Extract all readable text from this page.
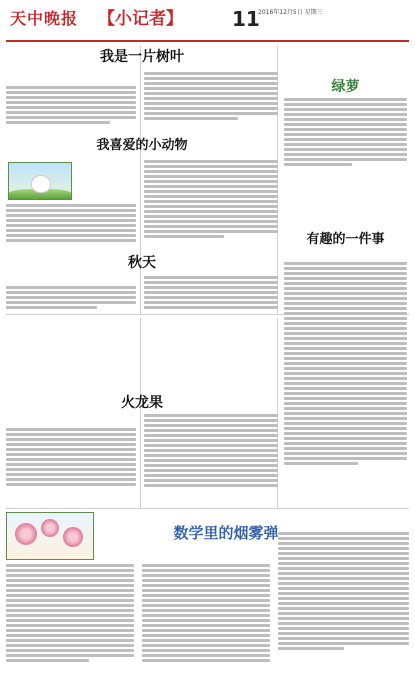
天中晚报	【小记者】 11
2016年12月5日 星期三
我是一片树叶
我喜爱的小动物
秋天
绿萝
有趣的一件事
火龙果
数学里的烟雾弹
